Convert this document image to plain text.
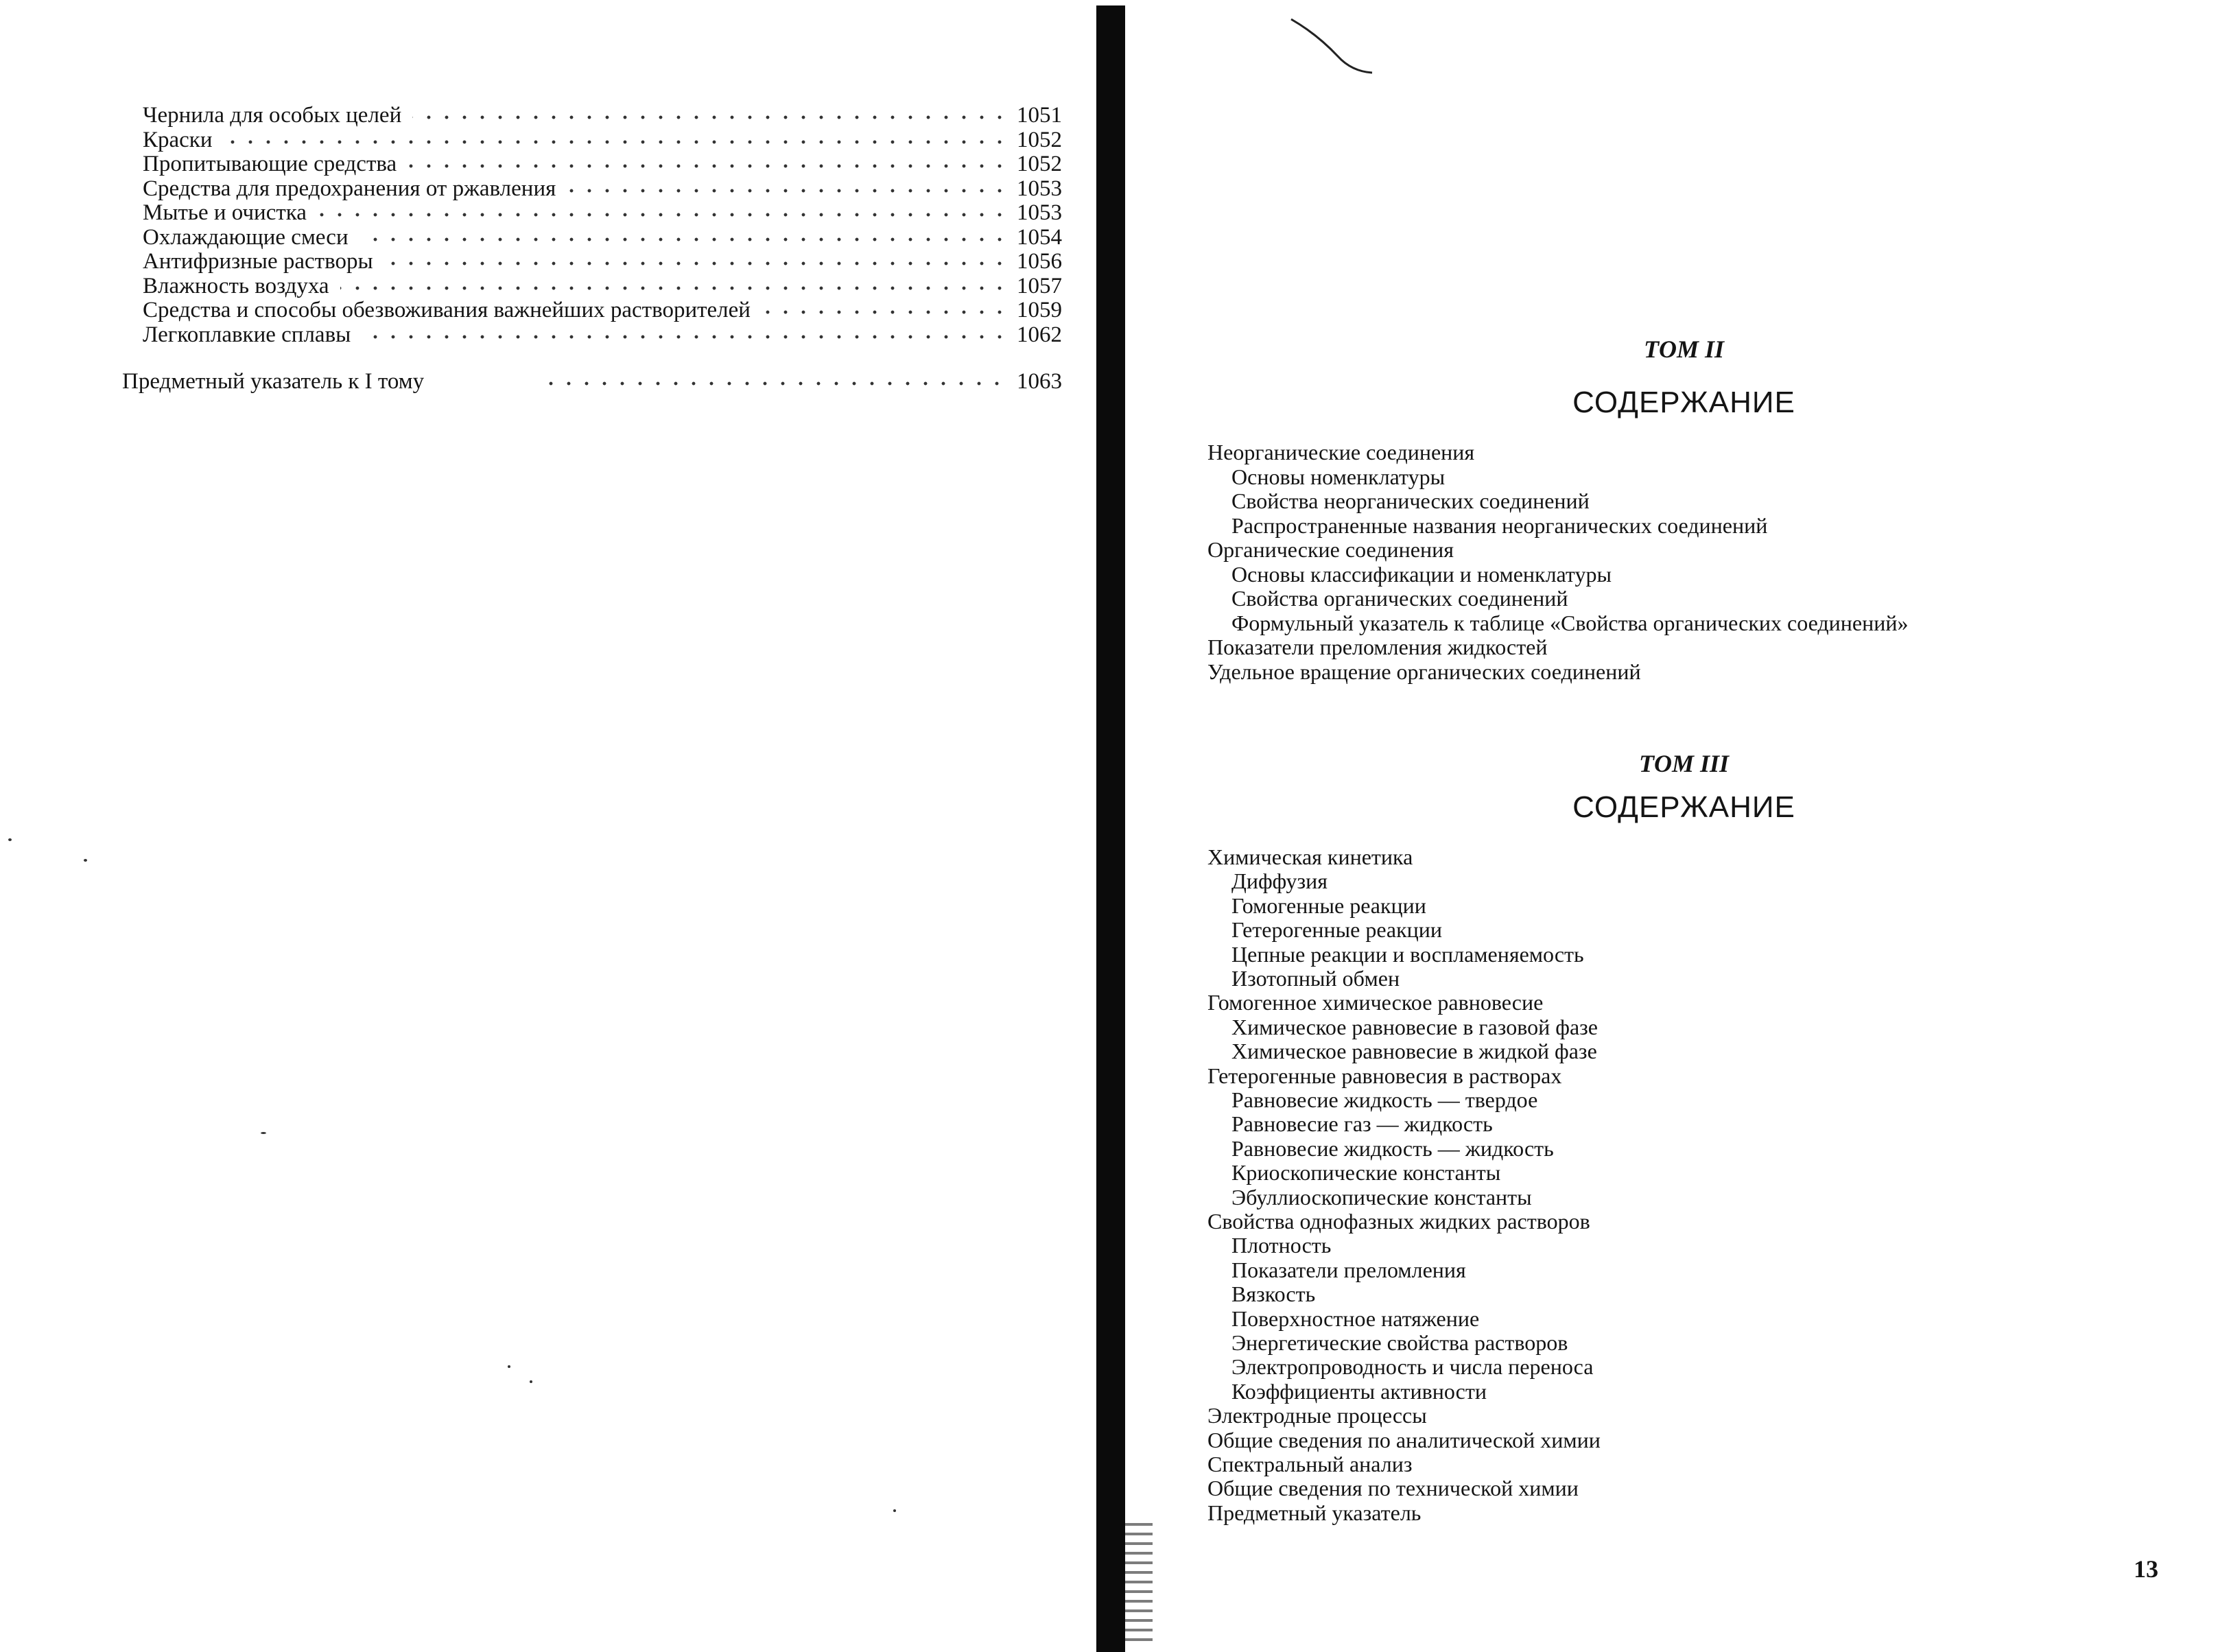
Чернила для особых целей	1051
Краски	1052
Пропитывающие средства	1052
Средства для предохранения от ржавления	1053
Мытье и очистка	1053
Охлаждающие смеси	1054
Антифризные растворы	1056
Влажность воздуха	1057
Средства и способы обезвоживания важнейших растворителей	1059
Легкоплавкие сплавы	1062
Предметный указатель к I тому	1063
ТОМ II
СОДЕРЖАНИЕ
Неорганические соединения
Основы номенклатуры
Свойства неорганических соединений
Распространенные названия неорганических соединений
Органические соединения
Основы классификации и номенклатуры
Свойства органических соединений
Формульный указатель к таблице «Свойства органических соединений»
Показатели преломления жидкостей
Удельное вращение органических соединений
ТОМ III
СОДЕРЖАНИЕ
Химическая кинетика
Диффузия
Гомогенные реакции
Гетерогенные реакции
Цепные реакции и воспламеняемость
Изотопный обмен
Гомогенное химическое равновесие
Химическое равновесие в газовой фазе
Химическое равновесие в жидкой фазе
Гетерогенные равновесия в растворах
Равновесие жидкость — твердое
Равновесие газ — жидкость
Равновесие жидкость — жидкость
Криоскопические константы
Эбуллиоскопические константы
Свойства однофазных жидких растворов
Плотность
Показатели преломления
Вязкость
Поверхностное натяжение
Энергетические свойства растворов
Электропроводность и числа переноса
Коэффициенты активности
Электродные процессы
Общие сведения по аналитической химии
Спектральный анализ
Общие сведения по технической химии
Предметный указатель
13
